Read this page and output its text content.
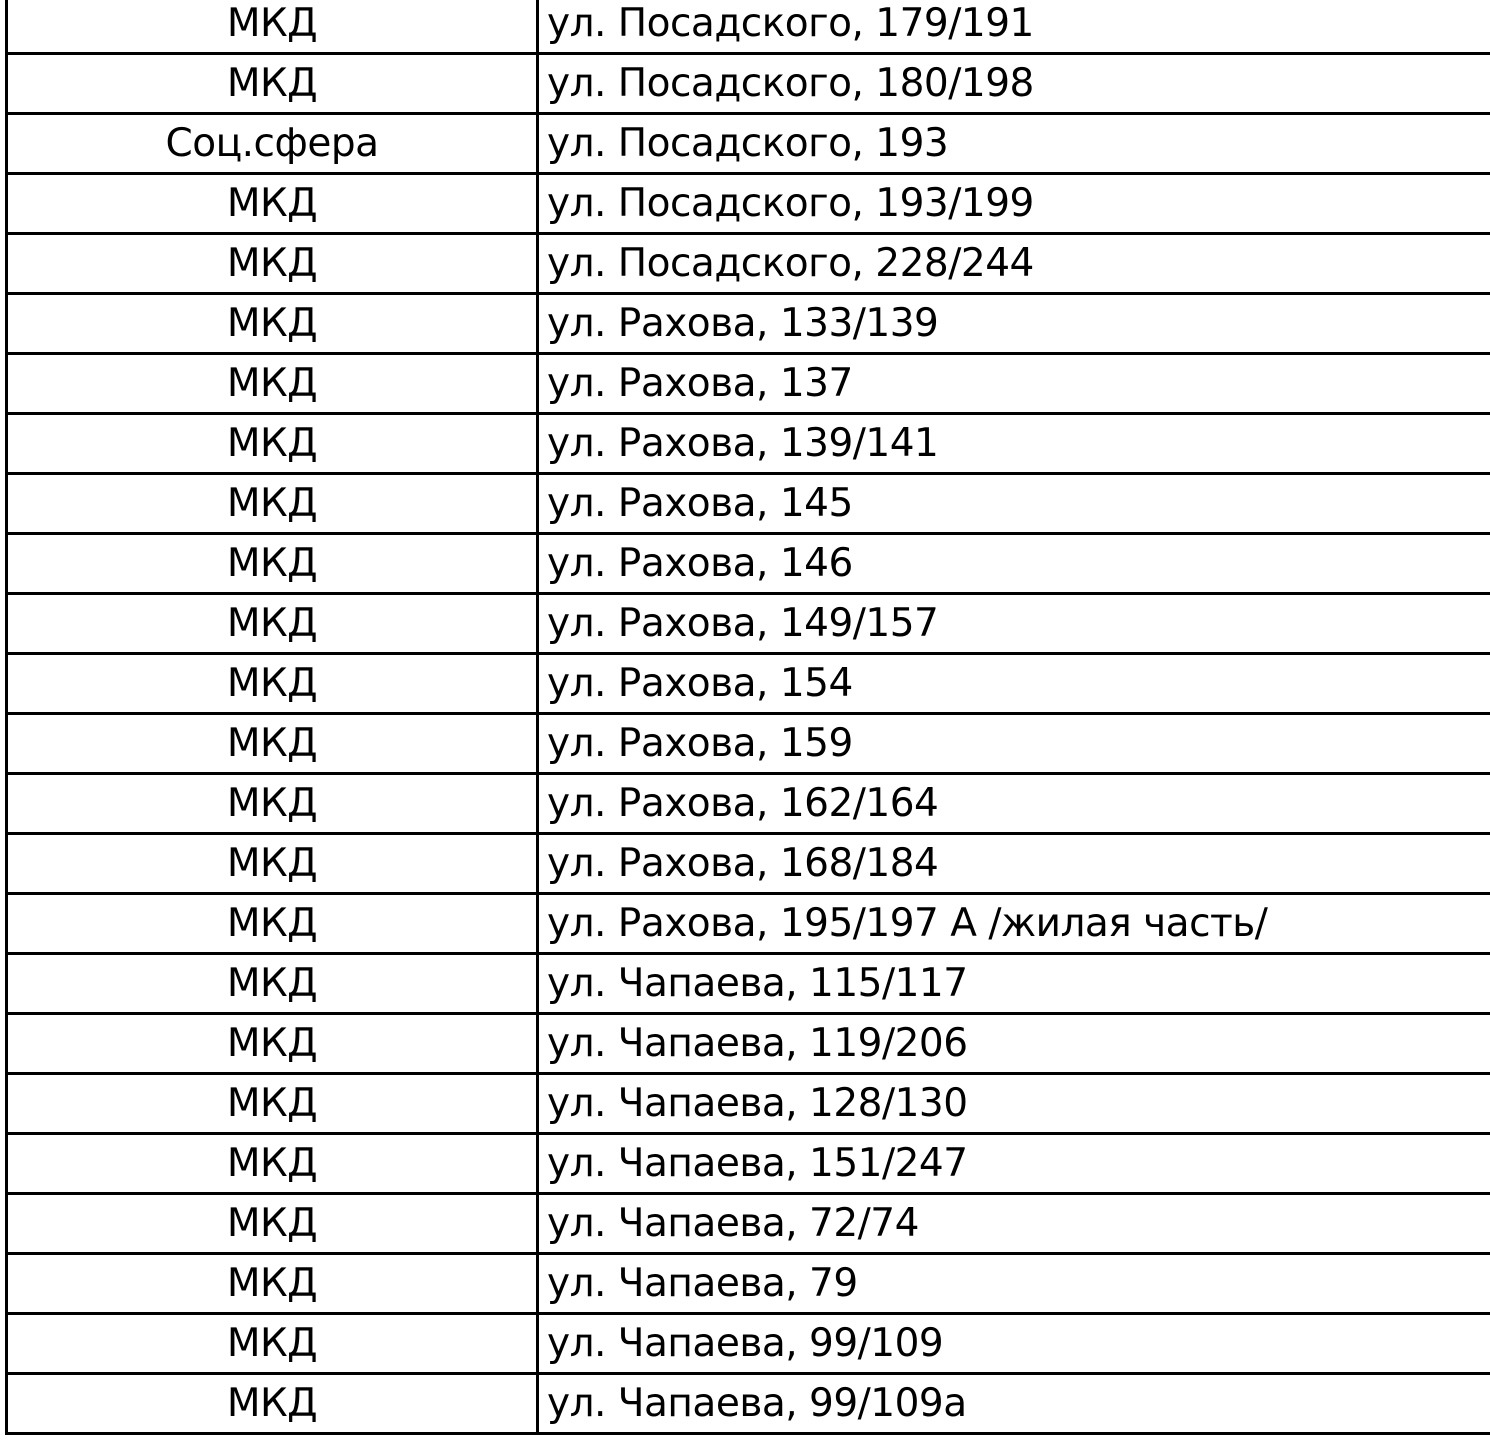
МКД	ул. Посадского, 179/191
МКД	ул. Посадского, 180/198
Соц.сфера	ул. Посадского, 193
МКД	ул. Посадского, 193/199
МКД	ул. Посадского, 228/244
МКД	ул. Рахова, 133/139
МКД	ул. Рахова, 137
МКД	ул. Рахова, 139/141
МКД	ул. Рахова, 145
МКД	ул. Рахова, 146
МКД	ул. Рахова, 149/157
МКД	ул. Рахова, 154
МКД	ул. Рахова, 159
МКД	ул. Рахова, 162/164
МКД	ул. Рахова, 168/184
МКД	ул. Рахова, 195/197 А /жилая часть/
МКД	ул. Чапаева, 115/117
МКД	ул. Чапаева, 119/206
МКД	ул. Чапаева, 128/130
МКД	ул. Чапаева, 151/247
МКД	ул. Чапаева, 72/74
МКД	ул. Чапаева, 79
МКД	ул. Чапаева, 99/109
МКД	ул. Чапаева, 99/109а
